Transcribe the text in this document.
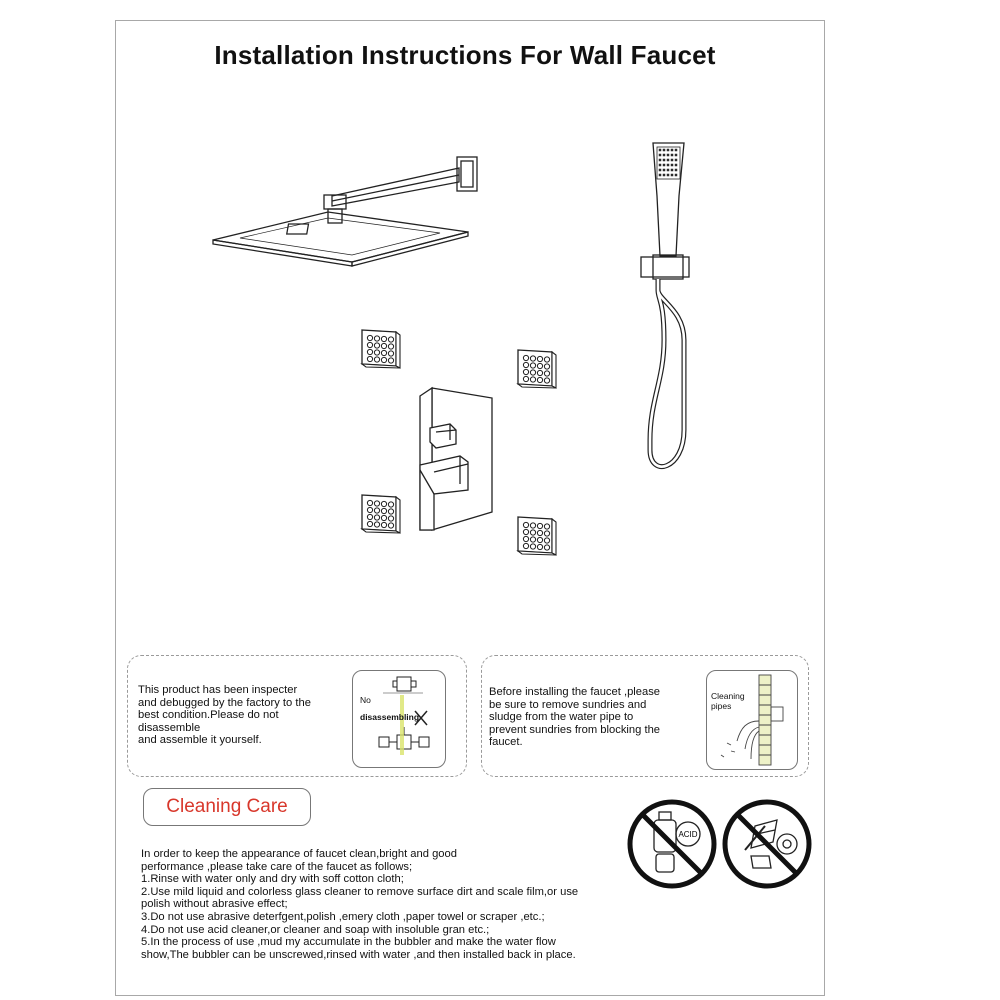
Installation Instructions For Wall Faucet
This product has been inspecter
and debugged by the factory to the
best condition.Please do not
disassemble
and assemble it yourself.
No
disassembling
Before installing the faucet ,please
be sure to remove sundries and
sludge from the water pipe to
prevent sundries from blocking the
faucet.
Cleaning
pipes
Cleaning Care
ACID
In order to keep the appearance of faucet clean,bright and good
performance ,please take care of the faucet as follows;
1.Rinse with water only and dry with soff cotton cloth;
2.Use mild liquid and colorless glass cleaner to remove surface dirt and scale film,or use
polish without abrasive effect;
3.Do not use abrasive deterfgent,polish ,emery cloth ,paper towel or scraper ,etc.;
4.Do not use acid cleaner,or cleaner and soap with insoluble gran etc.;
5.In the process of use ,mud my accumulate in the bubbler and make the water flow
show,The bubbler can be unscrewed,rinsed with water ,and then installed back in place.
